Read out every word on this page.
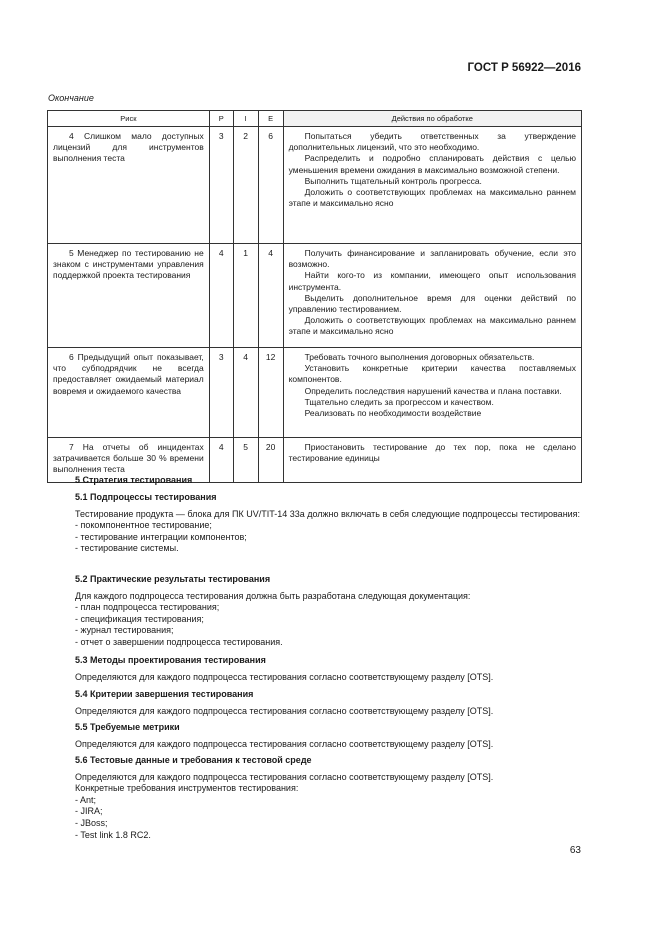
ГОСТ Р 56922—2016
Окончание
Риск	P	I	E	Действия по обработке

4 Слишком мало доступных лицензий для инструментов выполнения теста	3	2	6	Попытаться убедить ответственных за утверждение дополнительных лицензий, что это необходимо.

Распределить и подробно спланировать действия с целью уменьшения времени ожидания в максимально возможной степени.

Выполнить тщательный контроль прогресса.

Доложить о соответствующих проблемах на максимально раннем этапе и максимально ясно

5 Менеджер по тестированию не знаком с инструментами управления поддержкой проекта тестирования	4	1	4	Получить финансирование и запланировать обучение, если это возможно.

Найти кого-то из компании, имеющего опыт использования инструмента.

Выделить дополнительное время для оценки действий по управлению тестированием.

Доложить о соответствующих проблемах на максимально раннем этапе и максимально ясно

6 Предыдущий опыт показывает, что субподрядчик не всегда предоставляет ожидаемый материал вовремя и ожидаемого качества	3	4	12	Требовать точного выполнения договорных обязательств.

Установить конкретные критерии качества поставляемых компонентов.

Определить последствия нарушений качества и плана поставки.

Тщательно следить за прогрессом и качеством.

Реализовать по необходимости воздействие

7 На отчеты об инцидентах затрачивается больше 30 % времени выполнения теста	4	5	20	Приостановить тестирование до тех пор, пока не сделано тестирование единицы

5 Стратегия тестирования
5.1 Подпроцессы тестирования

Тестирование продукта — блока для ПК UV/TIT-14 33a должно включать в себя следующие подпроцессы тестирования:

- покомпонентное тестирование;
- тестирование интеграции компонентов;
- тестирование системы.
5.2 Практические результаты тестирования

Для каждого подпроцесса тестирования должна быть разработана следующая документация:

- план подпроцесса тестирования;
- спецификация тестирования;
- журнал тестирования;
- отчет о завершении подпроцесса тестирования.
5.3 Методы проектирования тестирования

Определяются для каждого подпроцесса тестирования согласно соответствующему разделу [OTS].

5.4 Критерии завершения тестирования

Определяются для каждого подпроцесса тестирования согласно соответствующему разделу [OTS].

5.5 Требуемые метрики

Определяются для каждого подпроцесса тестирования согласно соответствующему разделу [OTS].

5.6 Тестовые данные и требования к тестовой среде

Определяются для каждого подпроцесса тестирования согласно соответствующему разделу [OTS].

Конкретные требования инструментов тестирования:

- Ant;
- JIRA;
- JBoss;
- Test link 1.8 RC2.
63
